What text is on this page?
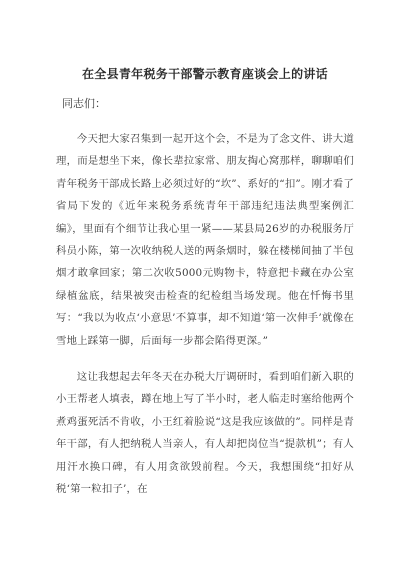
在全县青年税务干部警示教育座谈会上的讲话
同志们：

今天把大家召集到一起开这个会，不是为了念文件、讲大道理，而是想坐下来，像长辈拉家常、朋友掏心窝那样，聊聊咱们青年税务干部成长路上必须过好的“坎”、系好的“扣”。刚才看了省局下发的《近年来税务系统青年干部违纪违法典型案例汇编》，里面有个细节让我心里一紧——某县局26岁的办税服务厅科员小陈，第一次收纳税人送的两条烟时，躲在楼梯间抽了半包烟才敢拿回家；第二次收5000元购物卡，特意把卡藏在办公室绿植盆底，结果被突击检查的纪检组当场发现。他在忏悔书里写：“我以为收点‘小意思’不算事，却不知道‘第一次伸手’就像在雪地上踩第一脚，后面每一步都会陷得更深。”

这让我想起去年冬天在办税大厅调研时，看到咱们新入职的小王帮老人填表，蹲在地上写了半小时，老人临走时塞给他两个煮鸡蛋死活不肯收，小王红着脸说“这是我应该做的”。同样是青年干部，有人把纳税人当亲人，有人却把岗位当“提款机”；有人用汗水换口碑，有人用贪欲毁前程。今天，我想围绕“扣好从税‘第一粒扣子’，在
